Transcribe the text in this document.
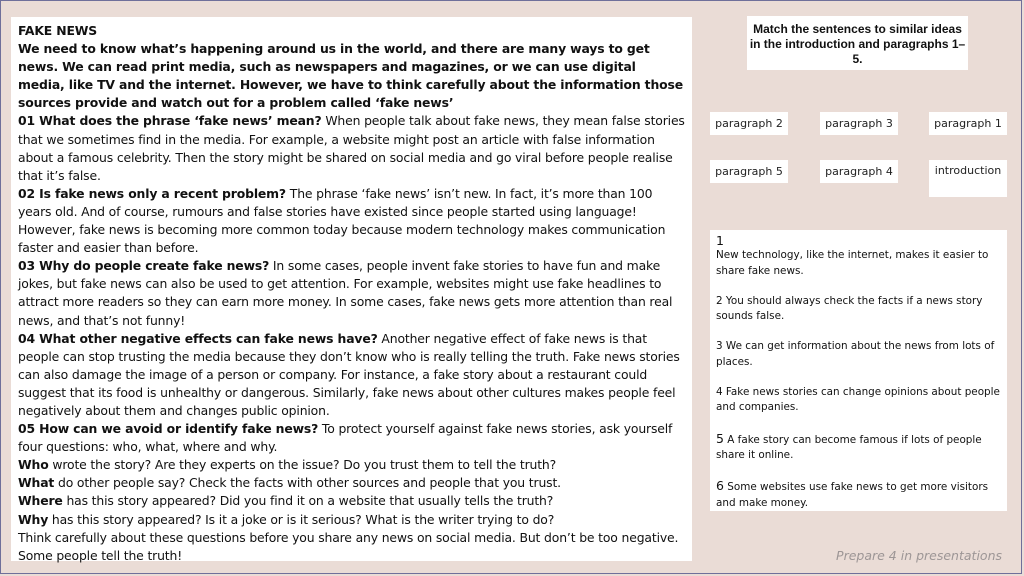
FAKE NEWS

We need to know what’s happening around us in the world, and there are many ways to get news. We can read print media, such as newspapers and magazines, or we can use digital media, like TV and the internet. However, we have to think carefully about the information those sources provide and watch out for a problem called ‘fake news’

01 What does the phrase ‘fake news’ mean? When people talk about fake news, they mean false stories that we sometimes find in the media. For example, a website might post an article with false information about a famous celebrity. Then the story might be shared on social media and go viral before people realise that it’s false.

02 Is fake news only a recent problem? The phrase ‘fake news’ isn’t new. In fact, it’s more than 100 years old. And of course, rumours and false stories have existed since people started using language! However, fake news is becoming more common today because modern technology makes communication faster and easier than before.

03 Why do people create fake news? In some cases, people invent fake stories to have fun and make jokes, but fake news can also be used to get attention. For example, websites might use fake headlines to attract more readers so they can earn more money. In some cases, fake news gets more attention than real news, and that’s not funny!

04 What other negative effects can fake news have? Another negative effect of fake news is that people can stop trusting the media because they don’t know who is really telling the truth. Fake news stories can also damage the image of a person or company. For instance, a fake story about a restaurant could suggest that its food is unhealthy or dangerous. Similarly, fake news about other cultures makes people feel negatively about them and changes public opinion.

05 How can we avoid or identify fake news? To protect yourself against fake news stories, ask yourself four questions: who, what, where and why.

Who wrote the story? Are they experts on the issue? Do you trust them to tell the truth?

What do other people say? Check the facts with other sources and people that you trust.

Where has this story appeared? Did you find it on a website that usually tells the truth?

Why has this story appeared? Is it a joke or is it serious? What is the writer trying to do?

Think carefully about these questions before you share any news on social media. But don’t be too negative. Some people tell the truth!

Match the sentences to similar ideas in the introduction and paragraphs 1–5.
paragraph 2	paragraph 3	paragraph 1
paragraph 5	paragraph 4	introduction
1
New technology, like the internet, makes it easier to share fake news.
2 You should always check the facts if a news story sounds false.
3 We can get information about the news from lots of places.
4 Fake news stories can change opinions about people and companies.
5 A fake story can become famous if lots of people share it online.
6 Some websites use fake news to get more visitors and make money.
Prepare 4 in presentations
